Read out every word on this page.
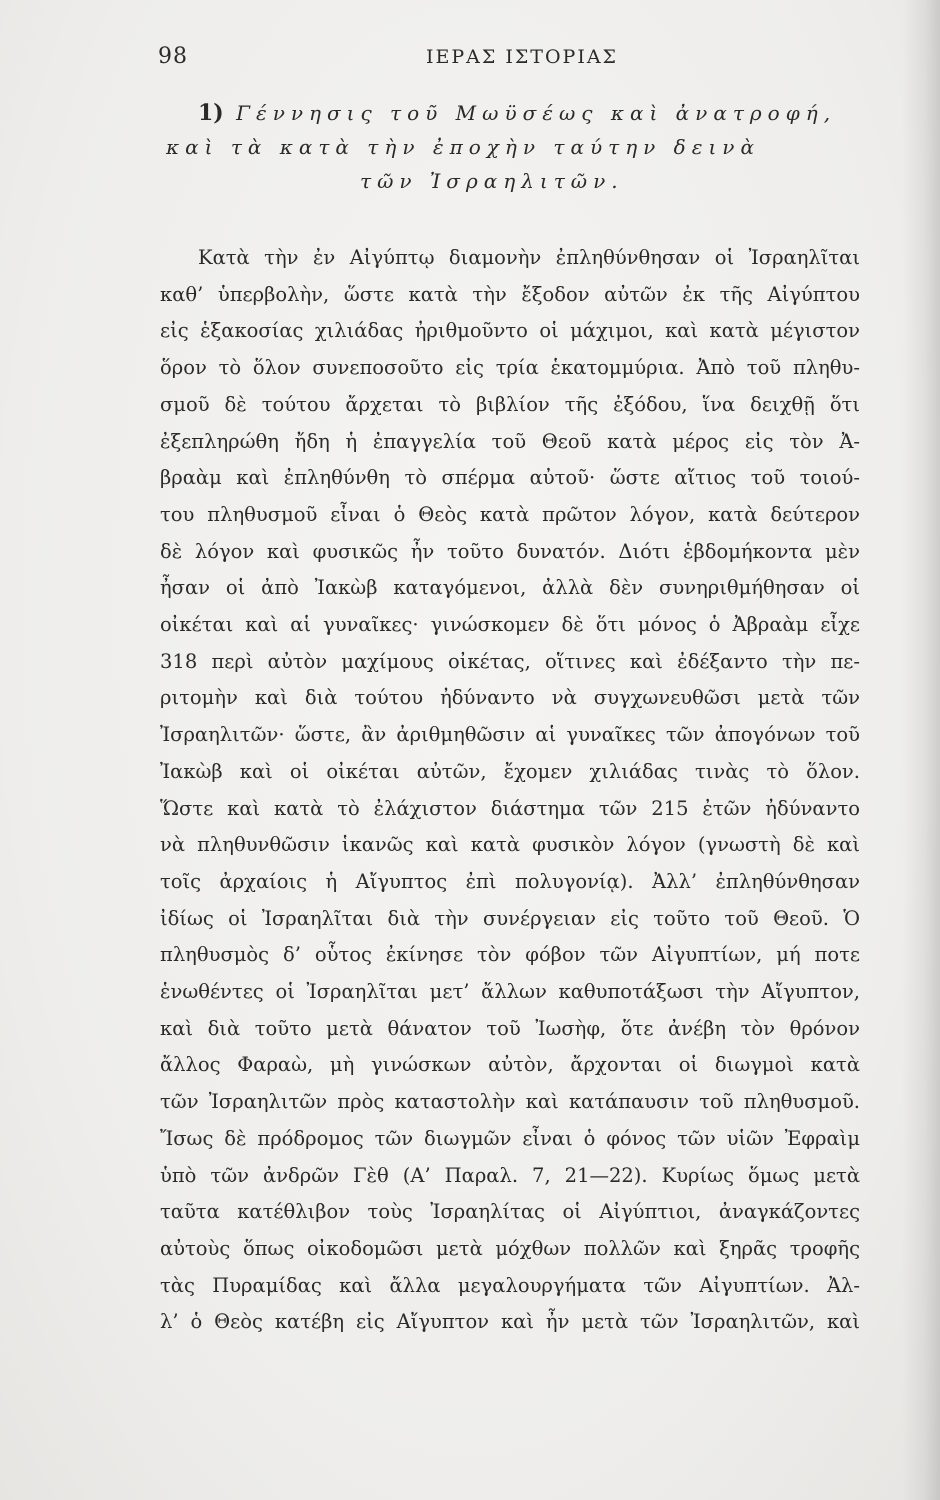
98	ΙΕΡΑΣ ΙΣΤΟΡΙΑΣ
1) Γέννησις τοῦ Μωϋσέως καὶ ἀνατροφή,
καὶ τὰ κατὰ τὴν ἐποχὴν ταύτην δεινὰ
τῶν Ἰσραηλιτῶν.
Κατὰ τὴν ἐν Αἰγύπτῳ διαμονὴν ἐπληθύνθησαν οἱ Ἰσραηλῖται
καθ’ ὑπερβολὴν, ὥστε κατὰ τὴν ἔξοδον αὐτῶν ἐκ τῆς Αἰγύπτου
εἰς ἑξακοσίας χιλιάδας ἠριθμοῦντο οἱ μάχιμοι, καὶ κατὰ μέγιστον
ὅρον τὸ ὅλον συνεποσοῦτο εἰς τρία ἑκατομμύρια. Ἀπὸ τοῦ πληθυ-
σμοῦ δὲ τούτου ἄρχεται τὸ βιβλίον τῆς ἐξόδου, ἵνα δειχθῇ ὅτι
ἐξεπληρώθη ἤδη ἡ ἐπαγγελία τοῦ Θεοῦ κατὰ μέρος εἰς τὸν Ἀ-
βραὰμ καὶ ἐπληθύνθη τὸ σπέρμα αὐτοῦ· ὥστε αἴτιος τοῦ τοιού-
του πληθυσμοῦ εἶναι ὁ Θεὸς κατὰ πρῶτον λόγον, κατὰ δεύτερον
δὲ λόγον καὶ φυσικῶς ἦν τοῦτο δυνατόν. Διότι ἑβδομήκοντα μὲν
ἦσαν οἱ ἀπὸ Ἰακὼβ καταγόμενοι, ἀλλὰ δὲν συνηριθμήθησαν οἱ
οἰκέται καὶ αἱ γυναῖκες· γινώσκομεν δὲ ὅτι μόνος ὁ Ἀβραὰμ εἶχε
318 περὶ αὐτὸν μαχίμους οἰκέτας, οἵτινες καὶ ἐδέξαντο τὴν πε-
ριτομὴν καὶ διὰ τούτου ἠδύναντο νὰ συγχωνευθῶσι μετὰ τῶν
Ἰσραηλιτῶν· ὥστε, ἂν ἀριθμηθῶσιν αἱ γυναῖκες τῶν ἀπογόνων τοῦ
Ἰακὼβ καὶ οἱ οἰκέται αὐτῶν, ἔχομεν χιλιάδας τινὰς τὸ ὅλον.
Ὥστε καὶ κατὰ τὸ ἐλάχιστον διάστημα τῶν 215 ἐτῶν ἠδύναντο
νὰ πληθυνθῶσιν ἱκανῶς καὶ κατὰ φυσικὸν λόγον (γνωστὴ δὲ καὶ
τοῖς ἀρχαίοις ἡ Αἴγυπτος ἐπὶ πολυγονίᾳ). Ἀλλ’ ἐπληθύνθησαν
ἰδίως οἱ Ἰσραηλῖται διὰ τὴν συνέργειαν εἰς τοῦτο τοῦ Θεοῦ. Ὁ
πληθυσμὸς δ’ οὗτος ἐκίνησε τὸν φόβον τῶν Αἰγυπτίων, μή ποτε
ἑνωθέντες οἱ Ἰσραηλῖται μετ’ ἄλλων καθυποτάξωσι τὴν Αἴγυπτον,
καὶ διὰ τοῦτο μετὰ θάνατον τοῦ Ἰωσὴφ, ὅτε ἀνέβη τὸν θρόνον
ἄλλος Φαραὼ, μὴ γινώσκων αὐτὸν, ἄρχονται οἱ διωγμοὶ κατὰ
τῶν Ἰσραηλιτῶν πρὸς καταστολὴν καὶ κατάπαυσιν τοῦ πληθυσμοῦ.
Ἴσως δὲ πρόδρομος τῶν διωγμῶν εἶναι ὁ φόνος τῶν υἱῶν Ἐφραὶμ
ὑπὸ τῶν ἀνδρῶν Γὲθ (Α’ Παραλ. 7, 21—22). Κυρίως ὅμως μετὰ
ταῦτα κατέθλιβον τοὺς Ἰσραηλίτας οἱ Αἰγύπτιοι, ἀναγκάζοντες
αὐτοὺς ὅπως οἰκοδομῶσι μετὰ μόχθων πολλῶν καὶ ξηρᾶς τροφῆς
τὰς Πυραμίδας καὶ ἄλλα μεγαλουργήματα τῶν Αἰγυπτίων. Ἀλ-
λ’ ὁ Θεὸς κατέβη εἰς Αἴγυπτον καὶ ἦν μετὰ τῶν Ἰσραηλιτῶν, καὶ
